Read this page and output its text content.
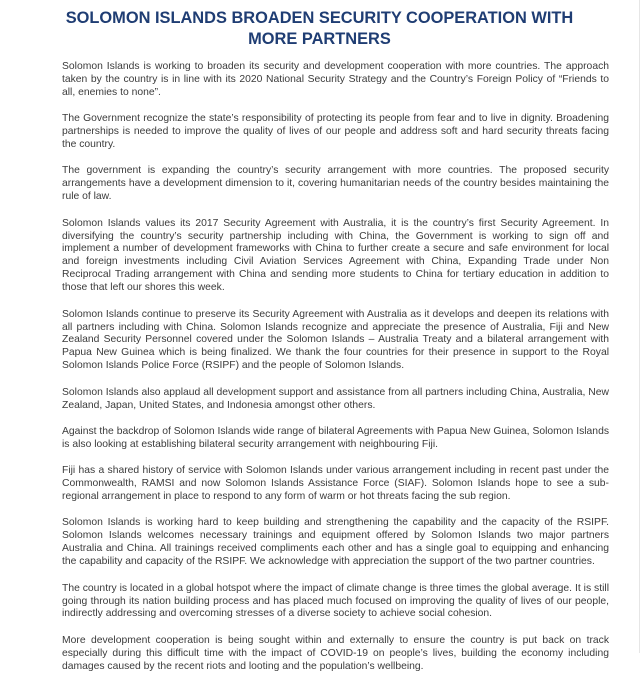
SOLOMON ISLANDS BROADEN SECURITY COOPERATION WITH MORE PARTNERS

Solomon Islands is working to broaden its security and development cooperation with more countries. The approach taken by the country is in line with its 2020 National Security Strategy and the Country’s Foreign Policy of “Friends to all, enemies to none”.

The Government recognize the state’s responsibility of protecting its people from fear and to live in dignity. Broadening partnerships is needed to improve the quality of lives of our people and address soft and hard security threats facing the country.

The government is expanding the country’s security arrangement with more countries. The proposed security arrangements have a development dimension to it, covering humanitarian needs of the country besides maintaining the rule of law.

Solomon Islands values its 2017 Security Agreement with Australia, it is the country’s first Security Agreement. In diversifying the country’s security partnership including with China, the Government is working to sign off and implement a number of development frameworks with China to further create a secure and safe environment for local and foreign investments including Civil Aviation Services Agreement with China, Expanding Trade under Non Reciprocal Trading arrangement with China and sending more students to China for tertiary education in addition to those that left our shores this week.

Solomon Islands continue to preserve its Security Agreement with Australia as it develops and deepen its relations with all partners including with China. Solomon Islands recognize and appreciate the presence of Australia, Fiji and New Zealand Security Personnel covered under the Solomon Islands – Australia Treaty and a bilateral arrangement with Papua New Guinea which is being finalized. We thank the four countries for their presence in support to the Royal Solomon Islands Police Force (RSIPF) and the people of Solomon Islands.

Solomon Islands also applaud all development support and assistance from all partners including China, Australia, New Zealand, Japan, United States, and Indonesia amongst other others.

Against the backdrop of Solomon Islands wide range of bilateral Agreements with Papua New Guinea, Solomon Islands is also looking at establishing bilateral security arrangement with neighbouring Fiji.

Fiji has a shared history of service with Solomon Islands under various arrangement including in recent past under the Commonwealth, RAMSI and now Solomon Islands Assistance Force (SIAF). Solomon Islands hope to see a sub-regional arrangement in place to respond to any form of warm or hot threats facing the sub region.

Solomon Islands is working hard to keep building and strengthening the capability and the capacity of the RSIPF. Solomon Islands welcomes necessary trainings and equipment offered by Solomon Islands two major partners Australia and China. All trainings received compliments each other and has a single goal to equipping and enhancing the capability and capacity of the RSIPF. We acknowledge with appreciation the support of the two partner countries.

The country is located in a global hotspot where the impact of climate change is three times the global average. It is still going through its nation building process and has placed much focused on improving the quality of lives of our people, indirectly addressing and overcoming stresses of a diverse society to achieve social cohesion.

More development cooperation is being sought within and externally to ensure the country is put back on track especially during this difficult time with the impact of COVID-19 on people’s lives, building the economy including damages caused by the recent riots and looting and the population’s wellbeing.
